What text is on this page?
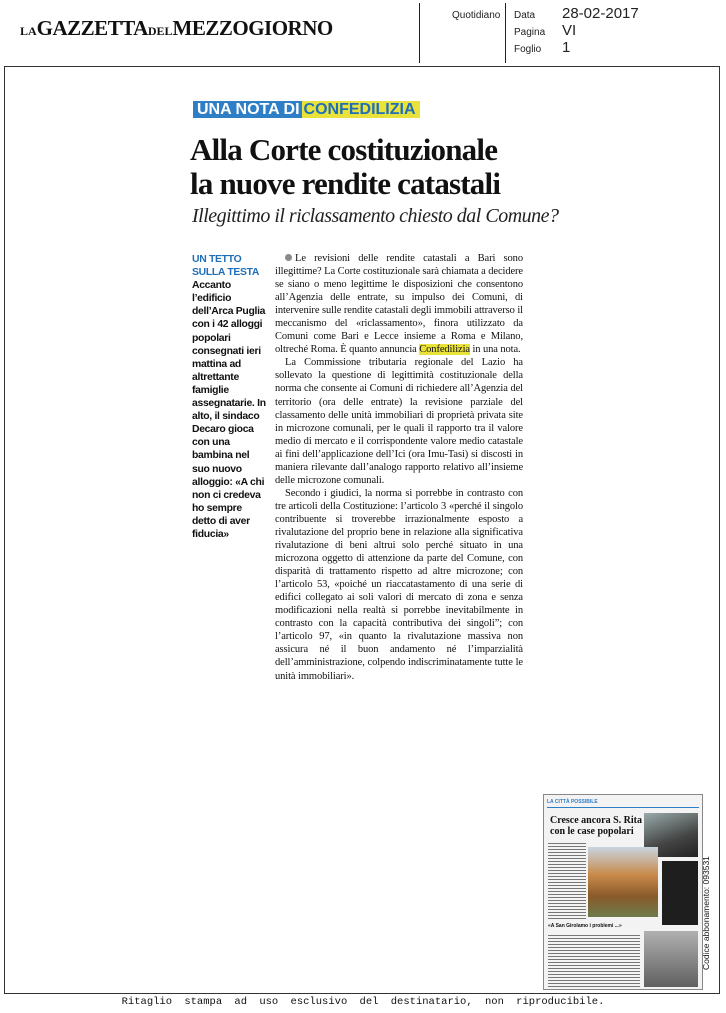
LAGAZZETTADELMEZZOGIORNO
Quotidiano Data 28-02-2017
Pagina VI
Foglio 1
UNA NOTA DI CONFEDILIZIA
Alla Corte costituzionale
la nuove rendite catastali
Illegittimo il riclassamento chiesto dal Comune?
UN TETTO
SULLA TESTA
Accanto l’edificio dell’Arca Puglia con i 42 alloggi popolari consegnati ieri mattina ad altrettante famiglie assegnatarie. In alto, il sindaco Decaro gioca con una bambina nel suo nuovo alloggio: «A chi non ci credeva ho sempre detto di aver fiducia»

Le revisioni delle rendite catastali a Bari sono illegittime? La Corte costituzionale sarà chiamata a decidere se siano o meno legittime le disposizioni che consentono all’Agenzia delle entrate, su impulso dei Comuni, di intervenire sulle rendite catastali degli immobili attraverso il meccanismo del «riclassamento», finora utilizzato da Comuni come Bari e Lecce insieme a Roma e Milano, oltreché Roma. È quanto annuncia Confedilizia in una nota.

La Commissione tributaria regionale del Lazio ha sollevato la questione di legittimità costituzionale della norma che consente ai Comuni di richiedere all’Agenzia del territorio (ora delle entrate) la revisione parziale del classamento delle unità immobiliari di proprietà privata site in microzone comunali, per le quali il rapporto tra il valore medio di mercato e il corrispondente valore medio catastale ai fini dell’applicazione dell’Ici (ora Imu-Tasi) si discosti in maniera rilevante dall’analogo rapporto relativo all’insieme delle microzone comunali.

Secondo i giudici, la norma si porrebbe in contrasto con tre articoli della Costituzione: l’articolo 3 «perché il singolo contribuente si troverebbe irrazionalmente esposto a rivalutazione del proprio bene in relazione alla significativa rivalutazione di beni altrui solo perché situato in una microzona oggetto di attenzione da parte del Comune, con disparità di trattamento rispetto ad altre microzone; con l’articolo 53, «poiché un riaccatastamento di una serie di edifici collegato ai soli valori di mercato di zona e senza modificazioni nella realtà si porrebbe inevitabilmente in contrasto con la capacità contributiva dei singoli”; con l’articolo 97, «in quanto la rivalutazione massiva non assicura né il buon andamento né l’imparzialità dell’amministrazione, colpendo indiscriminatamente tutte le unità immobiliari».

LA CITTÀ POSSIBILE
Cresce ancora S. Rita con le case popolari
«A San Girolamo i problemi ...»	Codice abbonamento: 093531
Ritaglio stampa ad uso esclusivo del destinatario, non riproducibile.
